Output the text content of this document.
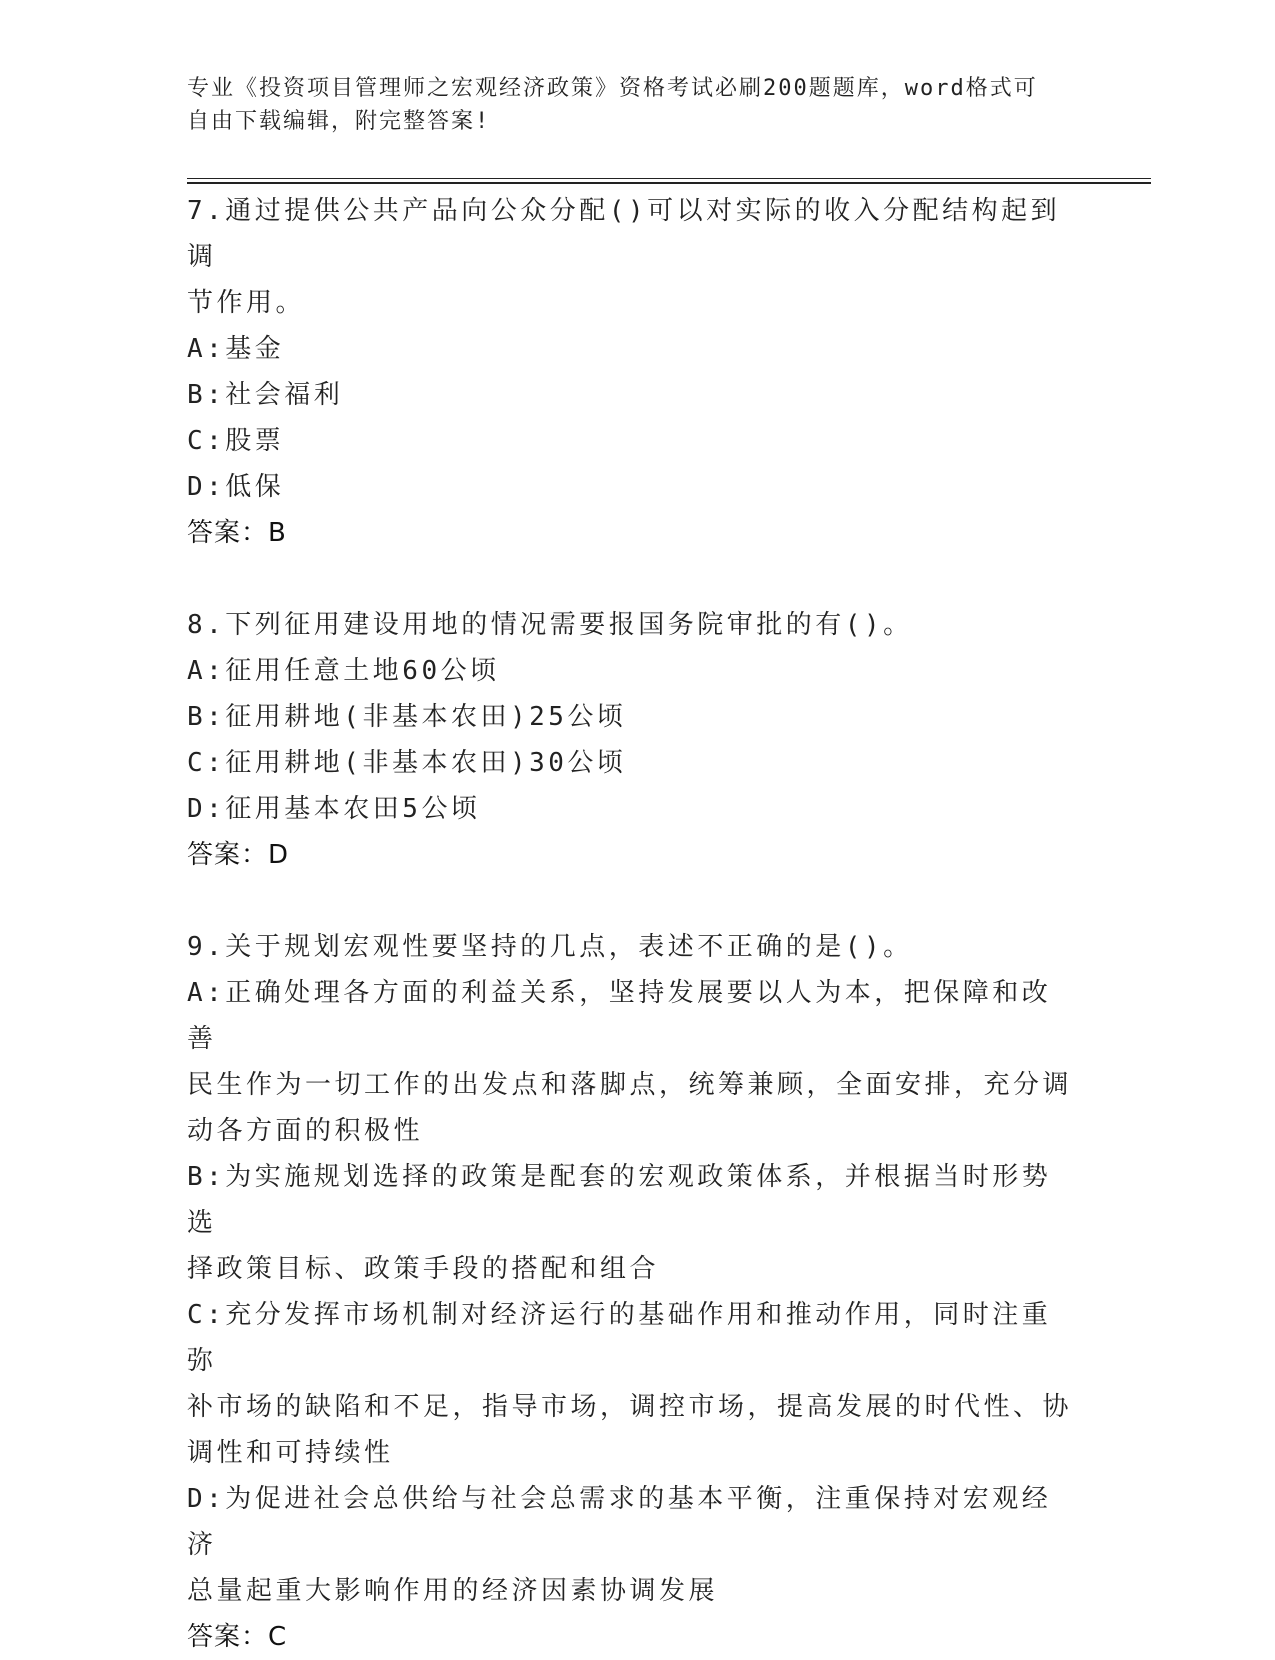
专业《投资项目管理师之宏观经济政策》资格考试必刷200题题库，word格式可
自由下载编辑，附完整答案!

7.通过提供公共产品向公众分配()可以对实际的收入分配结构起到调

节作用。

A:基金

B:社会福利

C:股票

D:低保

答案：B

8.下列征用建设用地的情况需要报国务院审批的有()。

A:征用任意土地60公顷

B:征用耕地(非基本农田)25公顷

C:征用耕地(非基本农田)30公顷

D:征用基本农田5公顷

答案：D

9.关于规划宏观性要坚持的几点，表述不正确的是()。

A:正确处理各方面的利益关系，坚持发展要以人为本，把保障和改善

民生作为一切工作的出发点和落脚点，统筹兼顾，全面安排，充分调

动各方面的积极性

B:为实施规划选择的政策是配套的宏观政策体系，并根据当时形势选

择政策目标、政策手段的搭配和组合

C:充分发挥市场机制对经济运行的基础作用和推动作用，同时注重弥

补市场的缺陷和不足，指导市场，调控市场，提高发展的时代性、协

调性和可持续性

D:为促进社会总供给与社会总需求的基本平衡，注重保持对宏观经济

总量起重大影响作用的经济因素协调发展

答案：C
